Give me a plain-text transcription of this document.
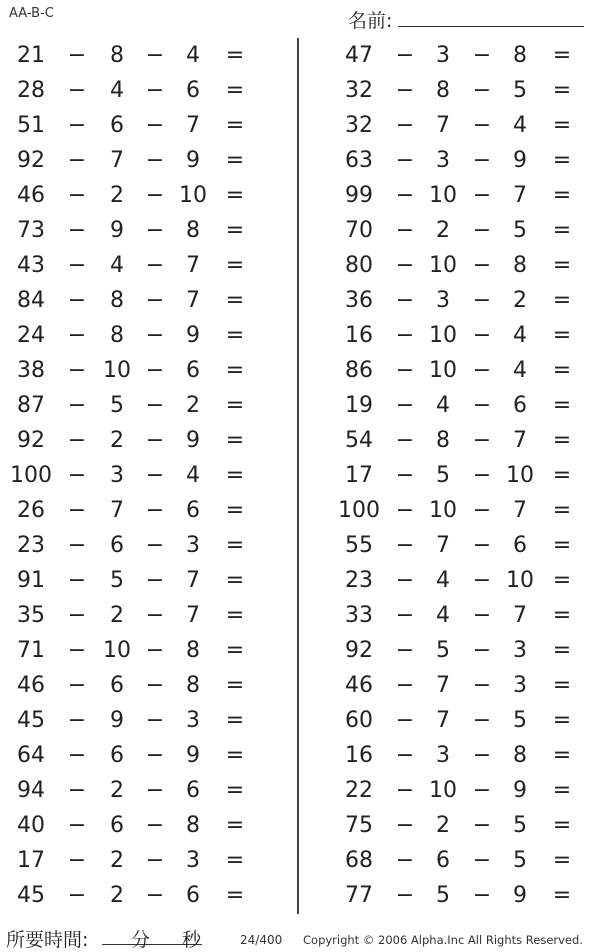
AA-B-C	名前:
21	−	8 − 4	=
28	−	4 − 6	=
51	−	6 − 7	=
92	−	7 − 9	=
46	−	2 − 10 =
73	−	9 − 8	=
43	−	4 − 7	=
84	−	8 − 7	=
24	−	8 − 9	=
38	− 10 − 6	=
87	−	5 − 2	=
92	−	2 − 9	=
100 −	3 − 4	=
26	−	7 − 6	=
23	−	6 − 3	=
91	−	5 − 7	=
35	−	2 − 7	=
71	− 10 − 8	=
46	−	6 − 8	=
45	−	9 − 3	=
64	−	6 − 9	=
94	−	2 − 6	=
40	−	6 − 8	=
17	−	2 − 3	=
45	−	2 − 6	=
47	− 3	− 8	=
32	− 8	− 5	=
32	− 7	− 4	=
63	− 3	− 9	=
99	− 10 − 7	=
70	− 2	− 5	=
80	− 10 − 8	=
36	− 3	− 2	=
16	− 10 − 4	=
86	− 10 − 4	=
19	− 4	− 6	=
54	− 8	− 7	=
17	− 5	− 10 =
100 − 10 − 7	=
55	− 7	− 6	=
23	− 4	− 10 =
33	− 4	− 7	=
92	− 5	− 3	=
46	− 7	− 3	=
60	− 7	− 5	=
16	− 3	− 8	=
22	− 10 − 9	=
75	− 2	− 5	=
68	− 6	− 5	=
77	− 5	− 9	=
所要時間: 分 秒	24/400 Copyright © 2006 Alpha.Inc All Rights Reserved.
